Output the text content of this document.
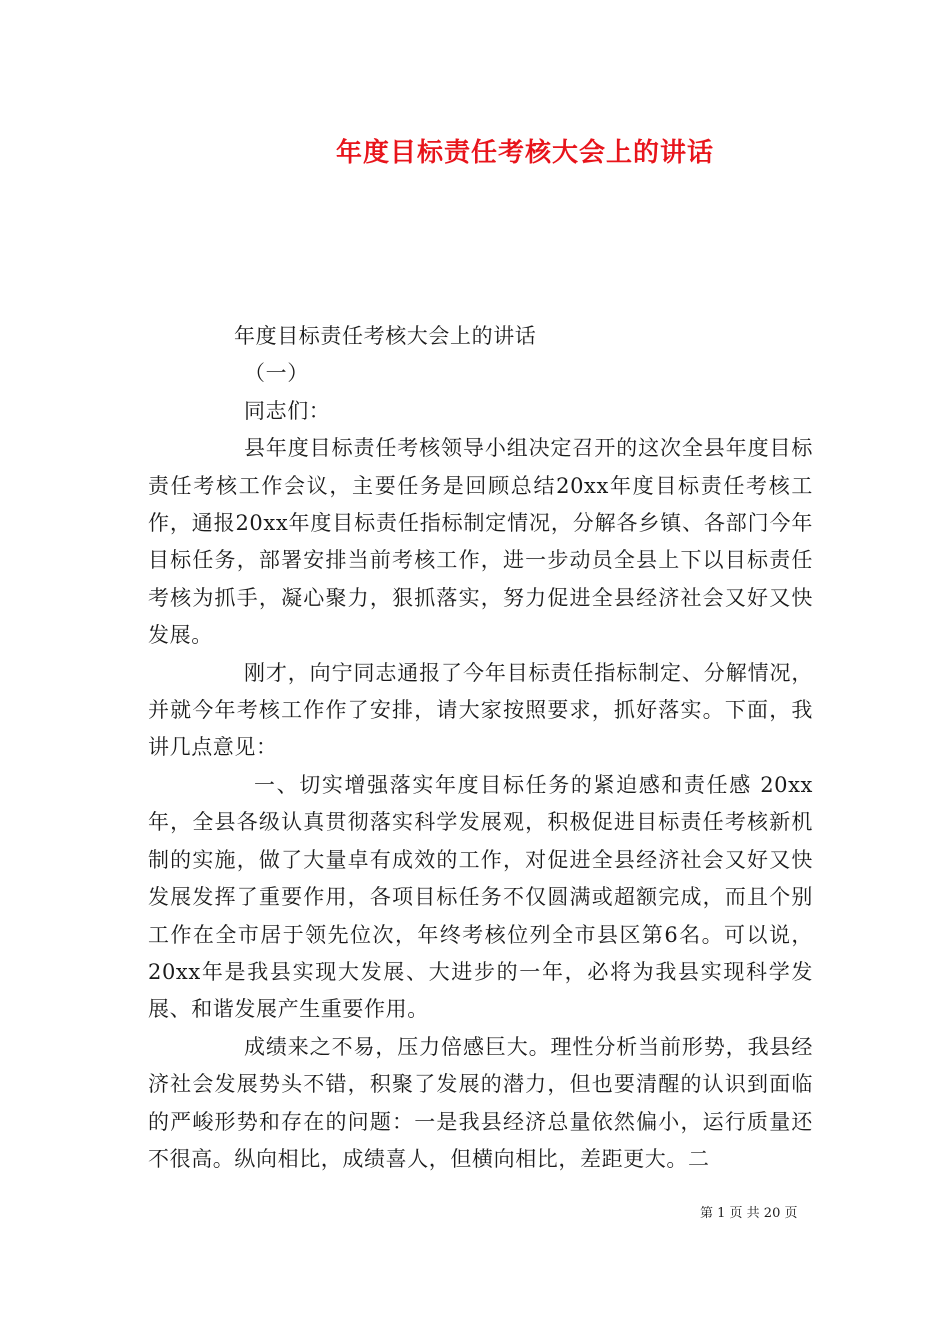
年度目标责任考核大会上的讲话

年度目标责任考核大会上的讲话

（一）

同志们：

县年度目标责任考核领导小组决定召开的这次全县年度目标责任考核工作会议，主要任务是回顾总结20xx年度目标责任考核工作，通报20xx年度目标责任指标制定情况，分解各乡镇、各部门今年目标任务，部署安排当前考核工作，进一步动员全县上下以目标责任考核为抓手，凝心聚力，狠抓落实，努力促进全县经济社会又好又快发展。

刚才，向宁同志通报了今年目标责任指标制定、分解情况，并就今年考核工作作了安排，请大家按照要求，抓好落实。下面，我讲几点意见：

一、切实增强落实年度目标任务的紧迫感和责任感 20xx年，全县各级认真贯彻落实科学发展观，积极促进目标责任考核新机制的实施，做了大量卓有成效的工作，对促进全县经济社会又好又快发展发挥了重要作用，各项目标任务不仅圆满或超额完成，而且个别工作在全市居于领先位次，年终考核位列全市县区第6名。可以说，20xx年是我县实现大发展、大进步的一年，必将为我县实现科学发展、和谐发展产生重要作用。

成绩来之不易，压力倍感巨大。理性分析当前形势，我县经济社会发展势头不错，积聚了发展的潜力，但也要清醒的认识到面临的严峻形势和存在的问题：一是我县经济总量依然偏小，运行质量还不很高。纵向相比，成绩喜人，但横向相比，差距更大。二

第 1 页 共 20 页
